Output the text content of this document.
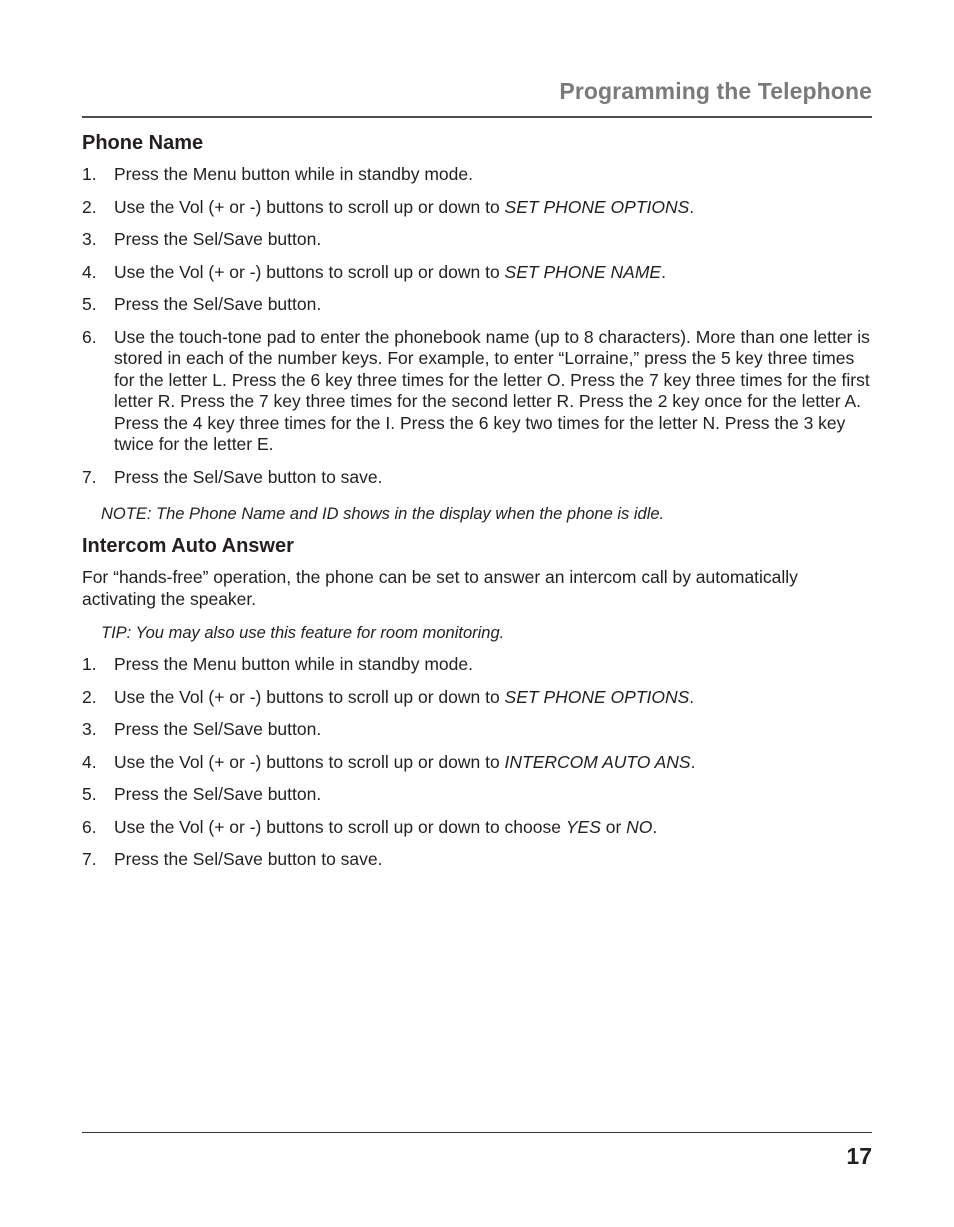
Programming the Telephone
Phone Name
1. Press the Menu button while in standby mode.
2. Use the Vol (+ or -) buttons to scroll up or down to SET PHONE OPTIONS.
3. Press the Sel/Save button.
4. Use the Vol (+ or -) buttons to scroll up or down to SET PHONE NAME.
5. Press the Sel/Save button.
6. Use the touch-tone pad to enter the phonebook name (up to 8 characters). More than one letter is stored in each of the number keys. For example, to enter “Lorraine,” press the 5 key three times for the letter L. Press the 6 key three times for the letter O. Press the 7 key three times for the first letter R. Press the 7 key three times for the second letter R. Press the 2 key once for the letter A. Press the 4 key three times for the I. Press the 6 key two times for the letter N. Press the 3 key twice for the letter E.
7. Press the Sel/Save button to save.

NOTE: The Phone Name and ID shows in the display when the phone is idle.

Intercom Auto Answer

For “hands-free” operation, the phone can be set to answer an intercom call by automatically activating the speaker.

TIP: You may also use this feature for room monitoring.

1. Press the Menu button while in standby mode.
2. Use the Vol (+ or -) buttons to scroll up or down to SET PHONE OPTIONS.
3. Press the Sel/Save button.
4. Use the Vol (+ or -) buttons to scroll up or down to INTERCOM AUTO ANS.
5. Press the Sel/Save button.
6. Use the Vol (+ or -) buttons to scroll up or down to choose YES or NO.
7. Press the Sel/Save button to save.
17
